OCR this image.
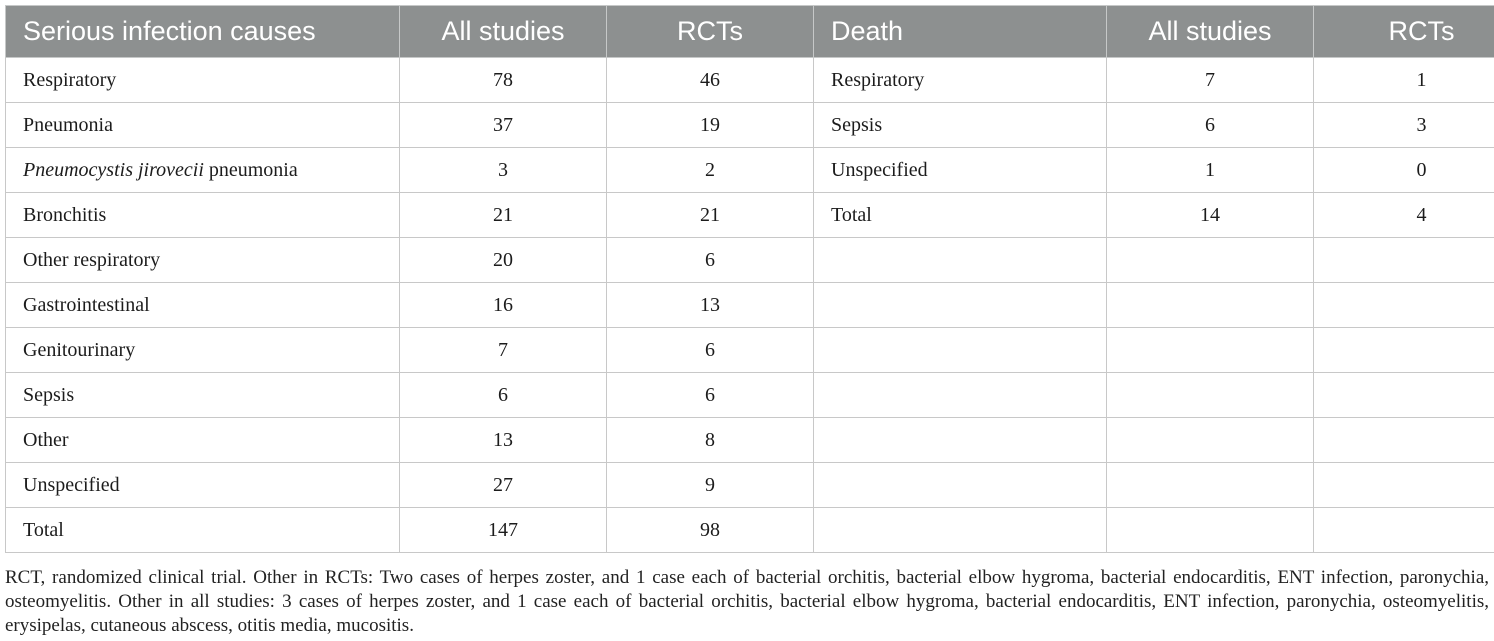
Serious infection causes	All studies	RCTs	Death	All studies	RCTs
Respiratory	78	46	Respiratory	7	1
Pneumonia	37	19	Sepsis	6	3
Pneumocystis jirovecii pneumonia	3	2	Unspecified	1	0
Bronchitis	21	21	Total	14	4
Other respiratory	20	6			
Gastrointestinal	16	13			
Genitourinary	7	6			
Sepsis	6	6			
Other	13	8			
Unspecified	27	9			
Total	147	98			

RCT, randomized clinical trial. Other in RCTs: Two cases of herpes zoster, and 1 case each of bacterial orchitis, bacterial elbow hygroma, bacterial endocarditis, ENT infection, paronychia, osteomyelitis. Other in all studies: 3 cases of herpes zoster, and 1 case each of bacterial orchitis, bacterial elbow hygroma, bacterial endocarditis, ENT infection, paronychia, osteomyelitis, erysipelas, cutaneous abscess, otitis media, mucositis.
